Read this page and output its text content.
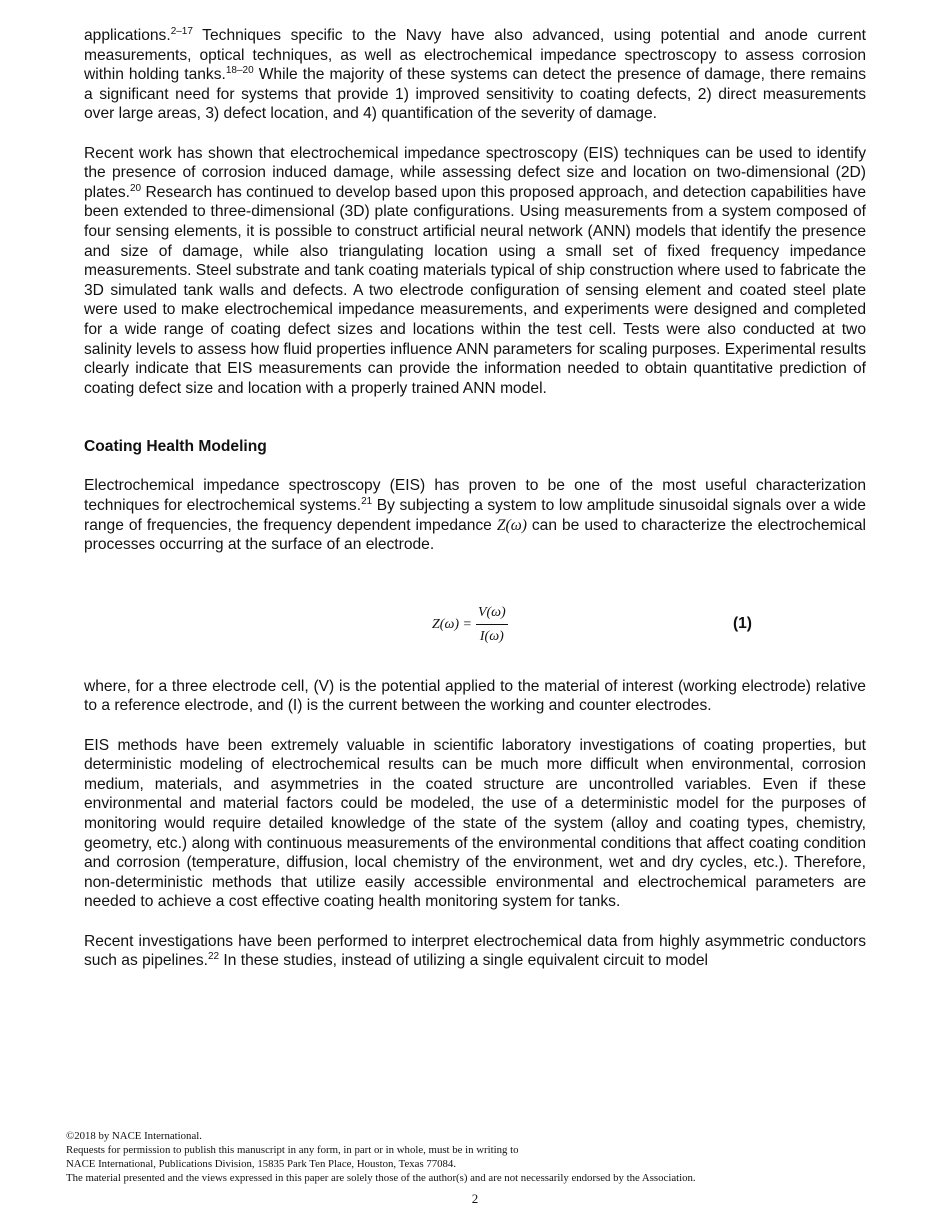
applications.$^{2-17}$ Techniques specific to the Navy have also advanced, using potential and anode current measurements, optical techniques, as well as electrochemical impedance spectroscopy to assess corrosion within holding tanks.$^{18-20}$ While the majority of these systems can detect the presence of damage, there remains a significant need for systems that provide 1) improved sensitivity to coating defects, 2) direct measurements over large areas, 3) defect location, and 4) quantification of the severity of damage.

Recent work has shown that electrochemical impedance spectroscopy (EIS) techniques can be used to identify the presence of corrosion induced damage, while assessing defect size and location on two-dimensional (2D) plates.$^{20}$ Research has continued to develop based upon this proposed approach, and detection capabilities have been extended to three-dimensional (3D) plate configurations. Using measurements from a system composed of four sensing elements, it is possible to construct artificial neural network (ANN) models that identify the presence and size of damage, while also triangulating location using a small set of fixed frequency impedance measurements. Steel substrate and tank coating materials typical of ship construction where used to fabricate the 3D simulated tank walls and defects. A two electrode configuration of sensing element and coated steel plate were used to make electrochemical impedance measurements, and experiments were designed and completed for a wide range of coating defect sizes and locations within the test cell. Tests were also conducted at two salinity levels to assess how fluid properties influence ANN parameters for scaling purposes. Experimental results clearly indicate that EIS measurements can provide the information needed to obtain quantitative prediction of coating defect size and location with a properly trained ANN model.

Coating Health Modeling

Electrochemical impedance spectroscopy (EIS) has proven to be one of the most useful characterization techniques for electrochemical systems.$^{21}$ By subjecting a system to low amplitude sinusoidal signals over a wide range of frequencies, the frequency dependent impedance Z(ω) can be used to characterize the electrochemical processes occurring at the surface of an electrode.

$Z(\omega) = \frac{V(\omega)}{I(\omega)}$	(1)

where, for a three electrode cell, (V) is the potential applied to the material of interest (working electrode) relative to a reference electrode, and (I) is the current between the working and counter electrodes.

EIS methods have been extremely valuable in scientific laboratory investigations of coating properties, but deterministic modeling of electrochemical results can be much more difficult when environmental, corrosion medium, materials, and asymmetries in the coated structure are uncontrolled variables. Even if these environmental and material factors could be modeled, the use of a deterministic model for the purposes of monitoring would require detailed knowledge of the state of the system (alloy and coating types, chemistry, geometry, etc.) along with continuous measurements of the environmental conditions that affect coating condition and corrosion (temperature, diffusion, local chemistry of the environment, wet and dry cycles, etc.). Therefore, non-deterministic methods that utilize easily accessible environmental and electrochemical parameters are needed to achieve a cost effective coating health monitoring system for tanks.

Recent investigations have been performed to interpret electrochemical data from highly asymmetric conductors such as pipelines.$^{22}$ In these studies, instead of utilizing a single equivalent circuit to model

©2018 by NACE International.
Requests for permission to publish this manuscript in any form, in part or in whole, must be in writing to
NACE International, Publications Division, 15835 Park Ten Place, Houston, Texas 77084.
The material presented and the views expressed in this paper are solely those of the author(s) and are not necessarily endorsed by the Association.
2
